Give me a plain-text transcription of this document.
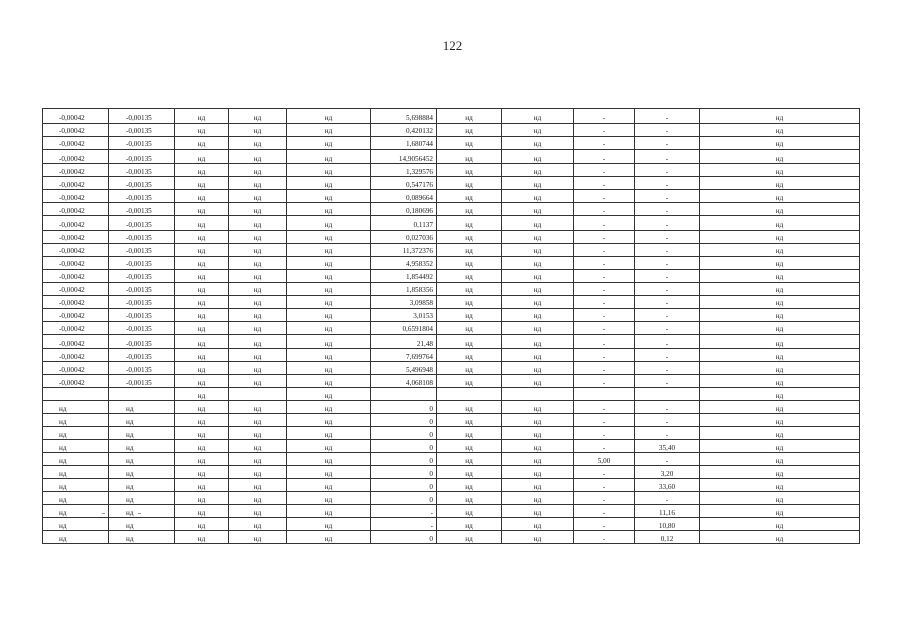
122
-0,00042	-0,00135	нд	нд	нд	5,698884	нд	нд	-	-	нд
-0,00042	-0,00135	нд	нд	нд	0,420132	нд	нд	-	-	нд
-0,00042	-0,00135	нд	нд	нд	1,680744	нд	нд	-	-	нд
-0,00042	-0,00135	нд	нд	нд	14,9056452	нд	нд	-	-	нд
-0,00042	-0,00135	нд	нд	нд	1,329576	нд	нд	-	-	нд
-0,00042	-0,00135	нд	нд	нд	0,547176	нд	нд	-	-	нд
-0,00042	-0,00135	нд	нд	нд	0,089664	нд	нд	-	-	нд
-0,00042	-0,00135	нд	нд	нд	0,180696	нд	нд	-	-	нд
-0,00042	-0,00135	нд	нд	нд	0,1137	нд	нд	-	-	нд
-0,00042	-0,00135	нд	нд	нд	0,027036	нд	нд	-	-	нд
-0,00042	-0,00135	нд	нд	нд	11,372376	нд	нд	-	-	нд
-0,00042	-0,00135	нд	нд	нд	4,958352	нд	нд	-	-	нд
-0,00042	-0,00135	нд	нд	нд	1,854492	нд	нд	-	-	нд
-0,00042	-0,00135	нд	нд	нд	1,858356	нд	нд	-	-	нд
-0,00042	-0,00135	нд	нд	нд	3,09858	нд	нд	-	-	нд
-0,00042	-0,00135	нд	нд	нд	3,0153	нд	нд	-	-	нд
-0,00042	-0,00135	нд	нд	нд	0,6591804	нд	нд	-	-	нд
-0,00042	-0,00135	нд	нд	нд	21,48	нд	нд	-	-	нд
-0,00042	-0,00135	нд	нд	нд	7,699764	нд	нд	-	-	нд
-0,00042	-0,00135	нд	нд	нд	5,496948	нд	нд	-	-	нд
-0,00042	-0,00135	нд	нд	нд	4,068108	нд	нд	-	-	нд
		нд		нд						нд
нд	нд	нд	нд	нд	0	нд	нд	-	-	нд
нд	нд	нд	нд	нд	0	нд	нд	-	-	нд
нд	нд	нд	нд	нд	0	нд	нд	-	-	нд
нд	нд	нд	нд	нд	0	нд	нд	-	35,40	нд
нд	нд	нд	нд	нд	0	нд	нд	5,00	-	нд
нд	нд	нд	нд	нд	0	нд	нд	-	3,20	нд
нд	нд	нд	нд	нд	0	нд	нд	-	33,60	нд
нд	нд	нд	нд	нд	0	нд	нд	-	-	нд
нд	нд	нд	нд	нд	-	нд	нд	-	11,16	нд
нд	нд	нд	нд	нд	-	нд	нд	-	10,80	нд
нд	нд	нд	нд	нд	0	нд	нд	-	0,12	нд
